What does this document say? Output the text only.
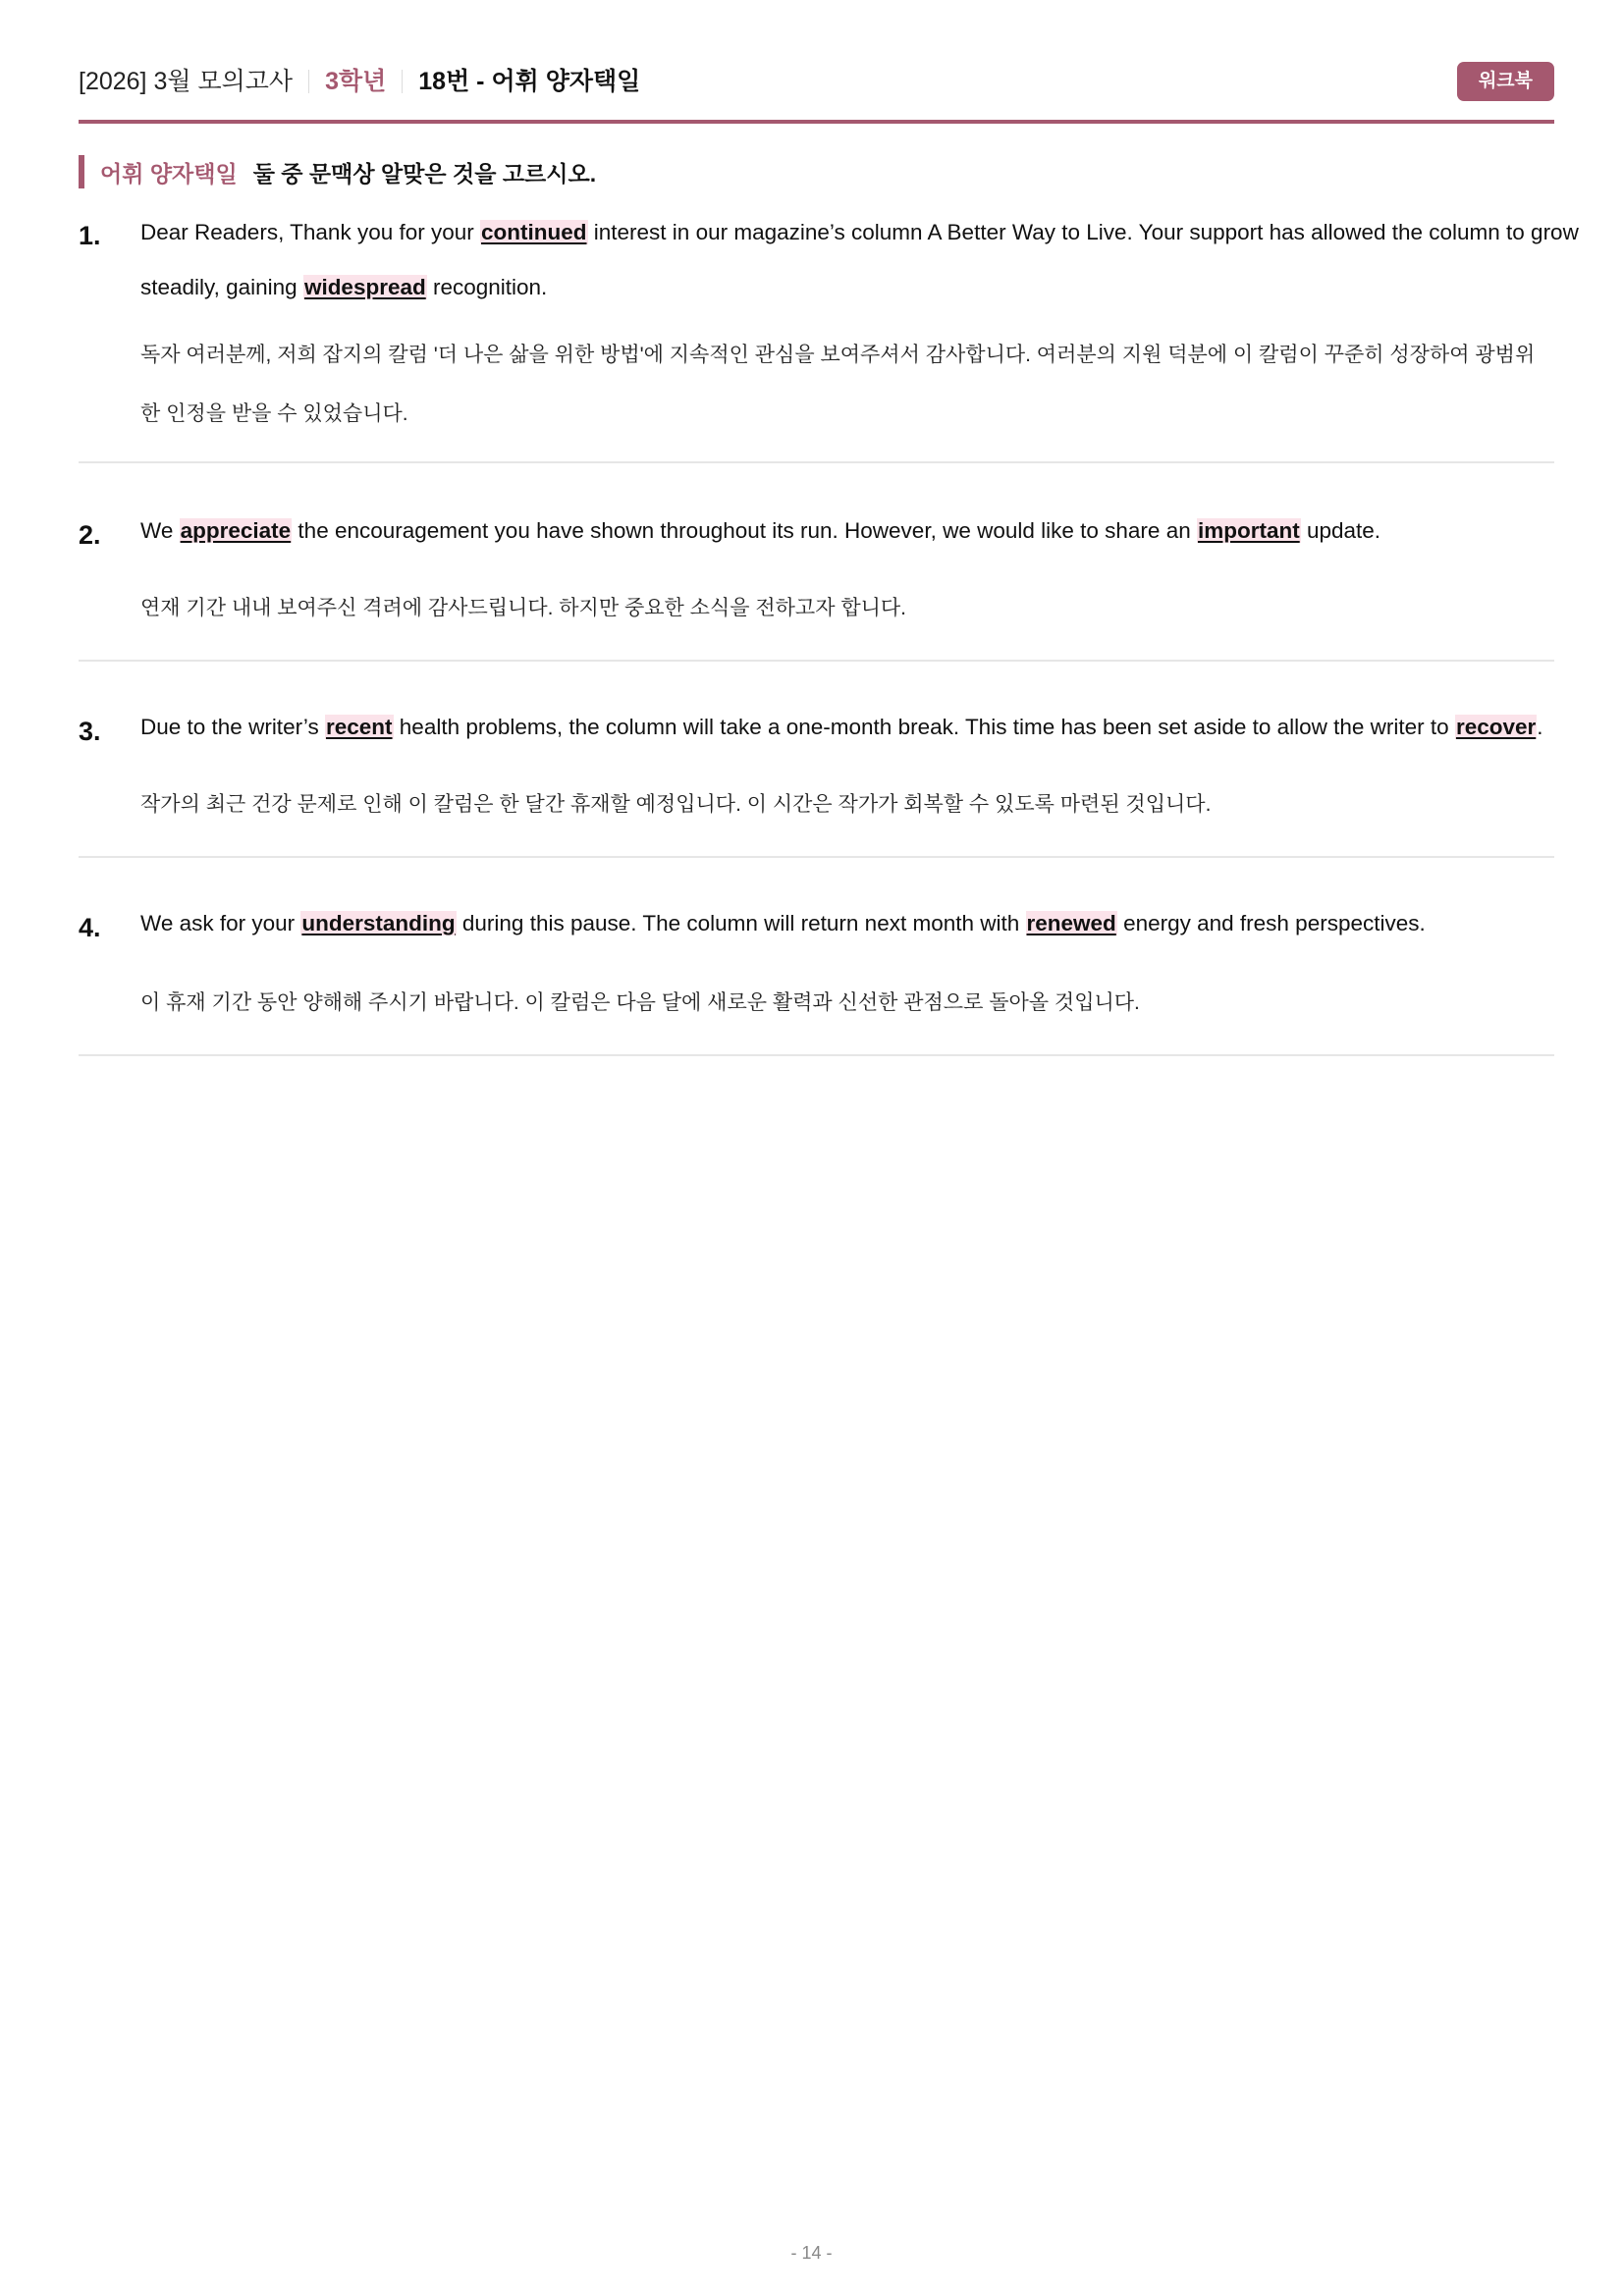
[2026] 3월 모의고사 3학년 18번 - 어휘 양자택일	워크북
어휘 양자택일 둘 중 문맥상 알맞은 것을 고르시오.
1. Dear Readers, Thank you for your continued interest in our magazine’s column A Better Way to Live. Your support has allowed the column to grow
steadily, gaining widespread recognition.
독자 여러분께, 저희 잡지의 칼럼 '더 나은 삶을 위한 방법'에 지속적인 관심을 보여주셔서 감사합니다. 여러분의 지원 덕분에 이 칼럼이 꾸준히 성장하여 광범위
한 인정을 받을 수 있었습니다.
2. We appreciate the encouragement you have shown throughout its run. However, we would like to share an important update.
연재 기간 내내 보여주신 격려에 감사드립니다. 하지만 중요한 소식을 전하고자 합니다.
3. Due to the writer’s recent health problems, the column will take a one-month break. This time has been set aside to allow the writer to recover.
작가의 최근 건강 문제로 인해 이 칼럼은 한 달간 휴재할 예정입니다. 이 시간은 작가가 회복할 수 있도록 마련된 것입니다.
4. We ask for your understanding during this pause. The column will return next month with renewed energy and fresh perspectives.
이 휴재 기간 동안 양해해 주시기 바랍니다. 이 칼럼은 다음 달에 새로운 활력과 신선한 관점으로 돌아올 것입니다.
- 14 -
